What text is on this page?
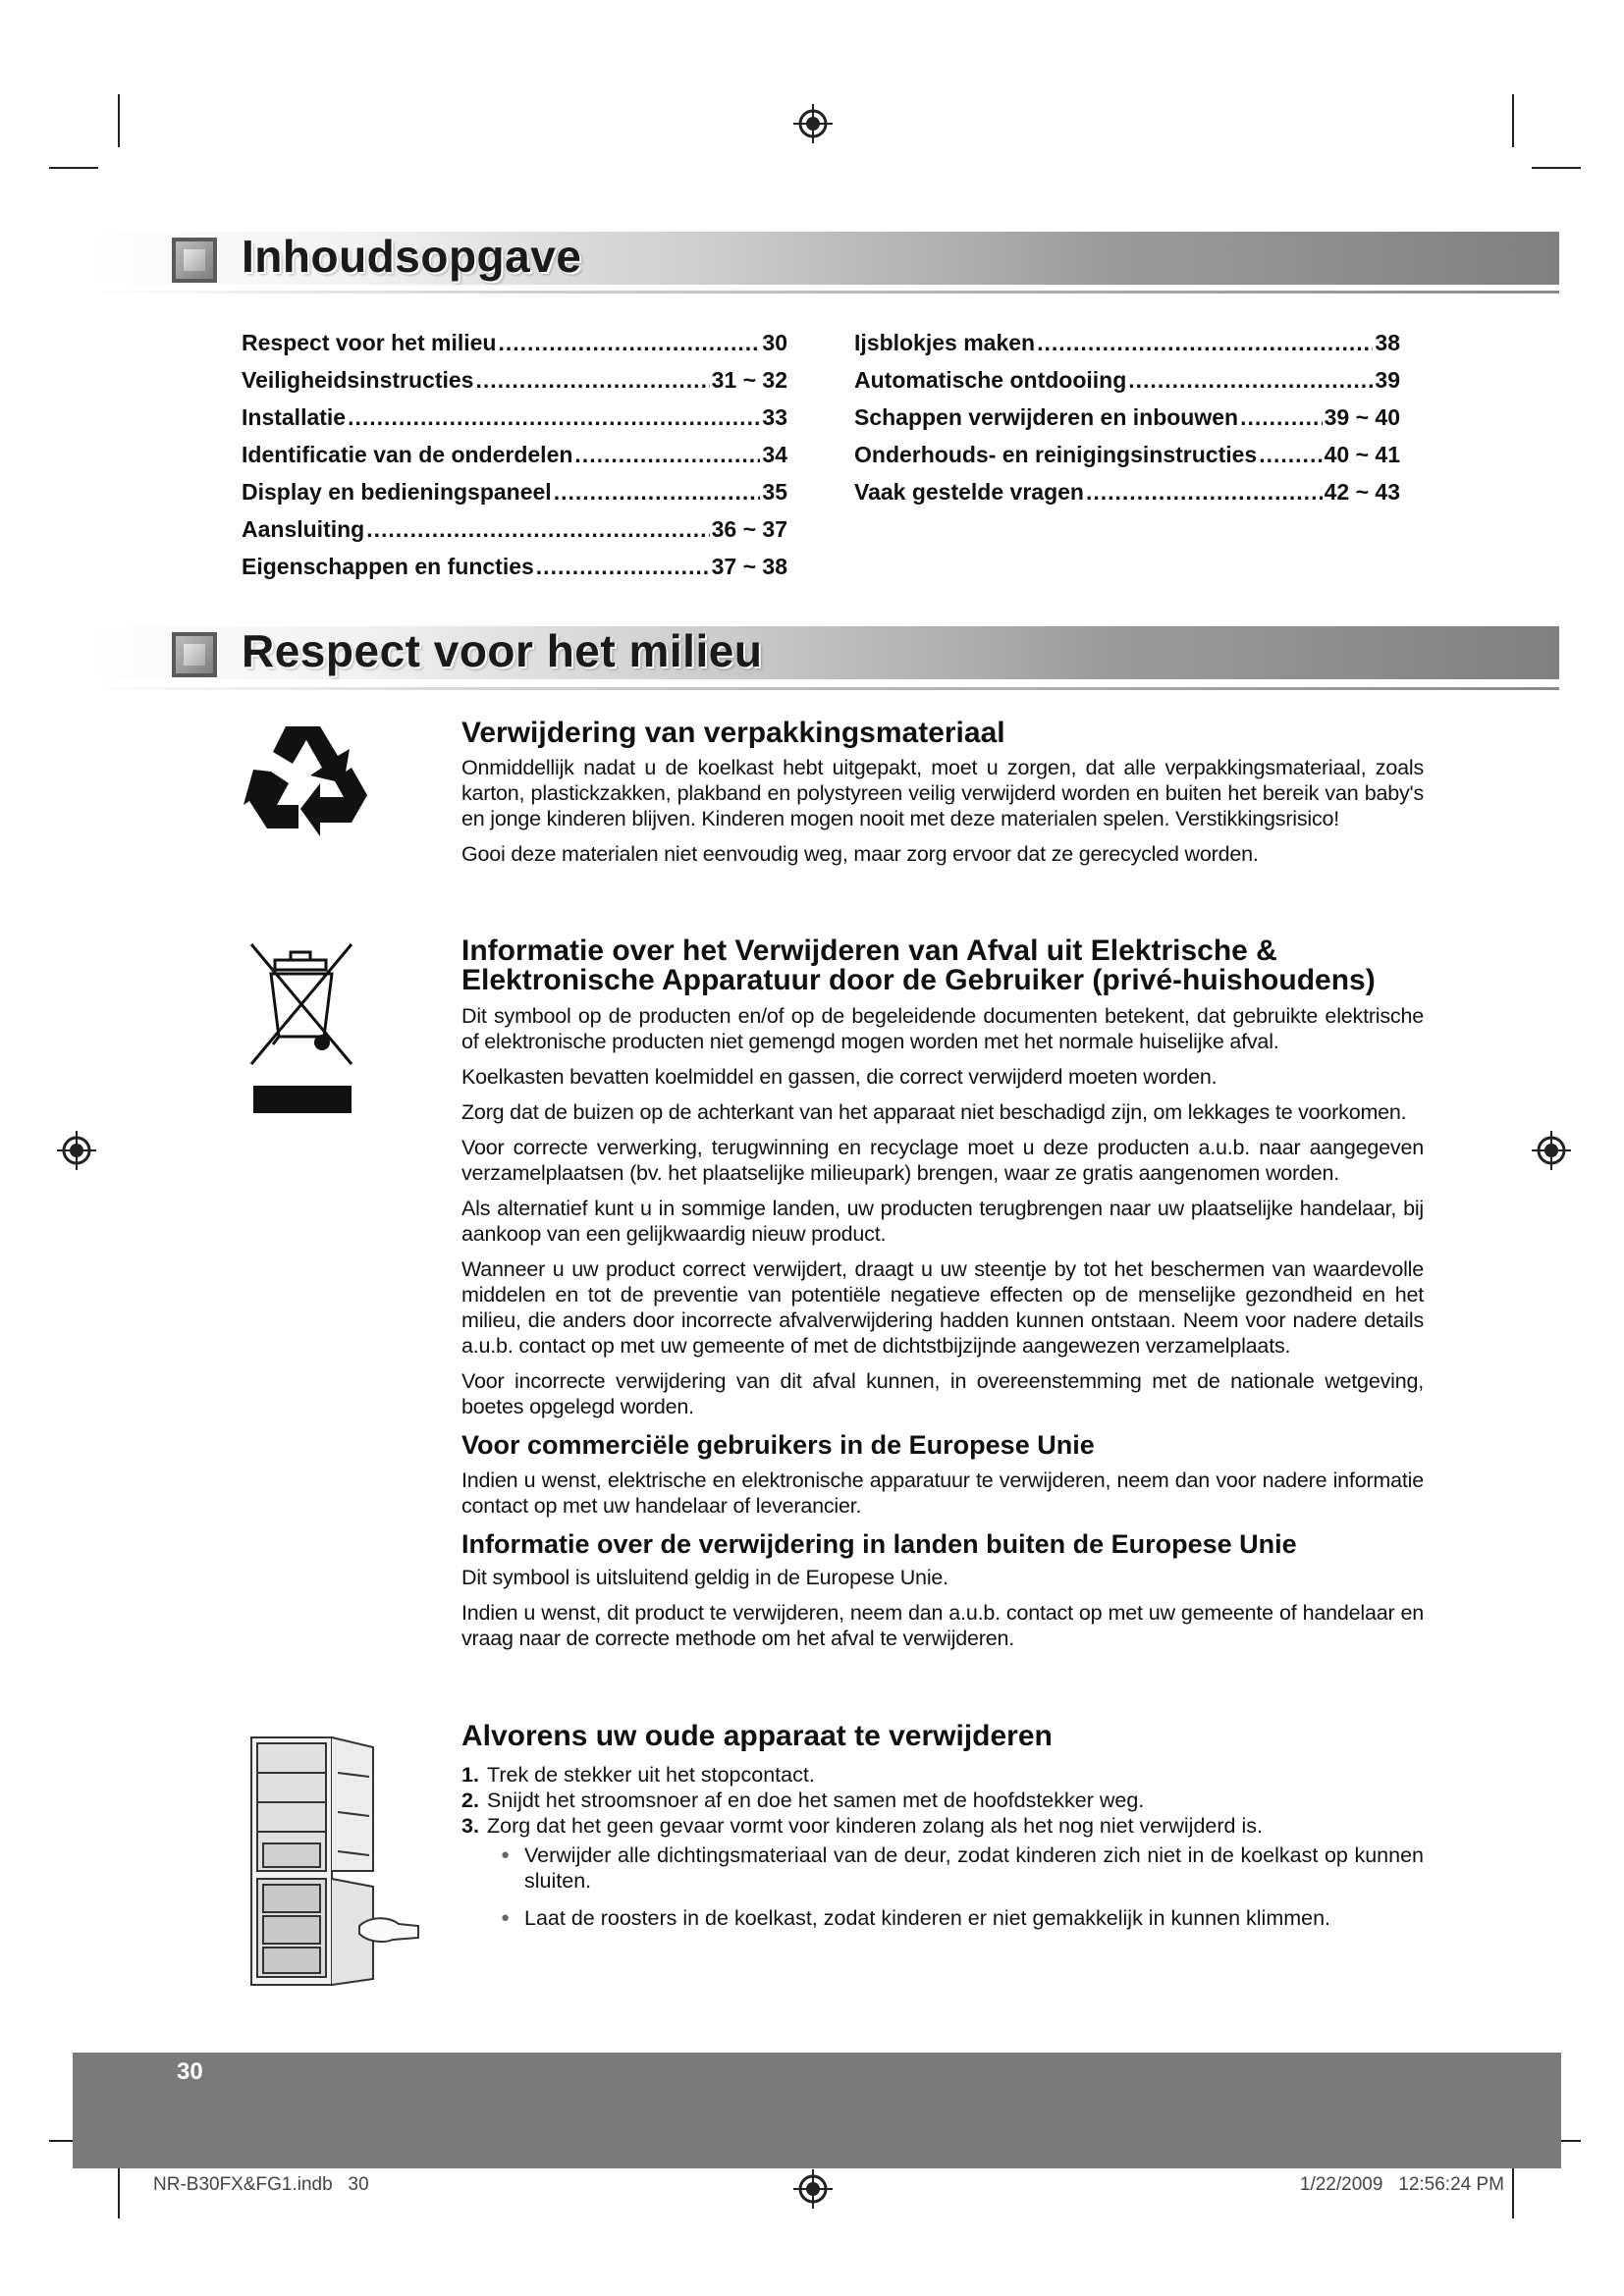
Inhoudsopgave
Respect voor het milieu .....	30
Veiligheidsinstructies .....	31 ~ 32
Installatie .....	33
Identificatie van de onderdelen .....	34
Display en bedieningspaneel .....	35
Aansluiting .....	36 ~ 37
Eigenschappen en functies .....	37 ~ 38
Ijsblokjes maken .....	38
Automatische ontdooiing .....	39
Schappen verwijderen en inbouwen .....	39 ~ 40
Onderhouds- en reinigingsinstructies .....	40 ~ 41
Vaak gestelde vragen .....	42 ~ 43
Respect voor het milieu
Verwijdering van verpakkingsmateriaal

Onmiddellijk nadat u de koelkast hebt uitgepakt, moet u zorgen, dat alle verpakkingsmateriaal, zoals karton, plastickzakken, plakband en polystyreen veilig verwijderd worden en buiten het bereik van baby's en jonge kinderen blijven. Kinderen mogen nooit met deze materialen spelen. Verstikkingsrisico!

Gooi deze materialen niet eenvoudig weg, maar zorg ervoor dat ze gerecycled worden.

Informatie over het Verwijderen van Afval uit Elektrische & Elektronische Apparatuur door de Gebruiker (privé-huishoudens)

Dit symbool op de producten en/of op de begeleidende documenten betekent, dat gebruikte elektrische of elektronische producten niet gemengd mogen worden met het normale huiselijke afval.

Koelkasten bevatten koelmiddel en gassen, die correct verwijderd moeten worden.

Zorg dat de buizen op de achterkant van het apparaat niet beschadigd zijn, om lekkages te voorkomen.

Voor correcte verwerking, terugwinning en recyclage moet u deze producten a.u.b. naar aangegeven verzamelplaatsen (bv. het plaatselijke milieupark) brengen, waar ze gratis aangenomen worden.

Als alternatief kunt u in sommige landen, uw producten terugbrengen naar uw plaatselijke handelaar, bij aankoop van een gelijkwaardig nieuw product.

Wanneer u uw product correct verwijdert, draagt u uw steentje by tot het beschermen van waardevolle middelen en tot de preventie van potentiële negatieve effecten op de menselijke gezondheid en het milieu, die anders door incorrecte afvalverwijdering hadden kunnen ontstaan. Neem voor nadere details a.u.b. contact op met uw gemeente of met de dichtstbijzijnde aangewezen verzamelplaats.

Voor incorrecte verwijdering van dit afval kunnen, in overeenstemming met de nationale wetgeving, boetes opgelegd worden.

Voor commerciële gebruikers in de Europese Unie

Indien u wenst, elektrische en elektronische apparatuur te verwijderen, neem dan voor nadere informatie contact op met uw handelaar of leverancier.

Informatie over de verwijdering in landen buiten de Europese Unie

Dit symbool is uitsluitend geldig in de Europese Unie.

Indien u wenst, dit product te verwijderen, neem dan a.u.b. contact op met uw gemeente of handelaar en vraag naar de correcte methode om het afval te verwijderen.

Alvorens uw oude apparaat te verwijderen
1. Trek de stekker uit het stopcontact.
2. Snijdt het stroomsnoer af en doe het samen met de hoofdstekker weg.
3. Zorg dat het geen gevaar vormt voor kinderen zolang als het nog niet verwijderd is.
● Verwijder alle dichtingsmateriaal van de deur, zodat kinderen zich niet in de koelkast op kunnen sluiten.
● Laat de roosters in de koelkast, zodat kinderen er niet gemakkelijk in kunnen klimmen.
30
NR-B30FX&FG1.indb   30	1/22/2009   12:56:24 PM
